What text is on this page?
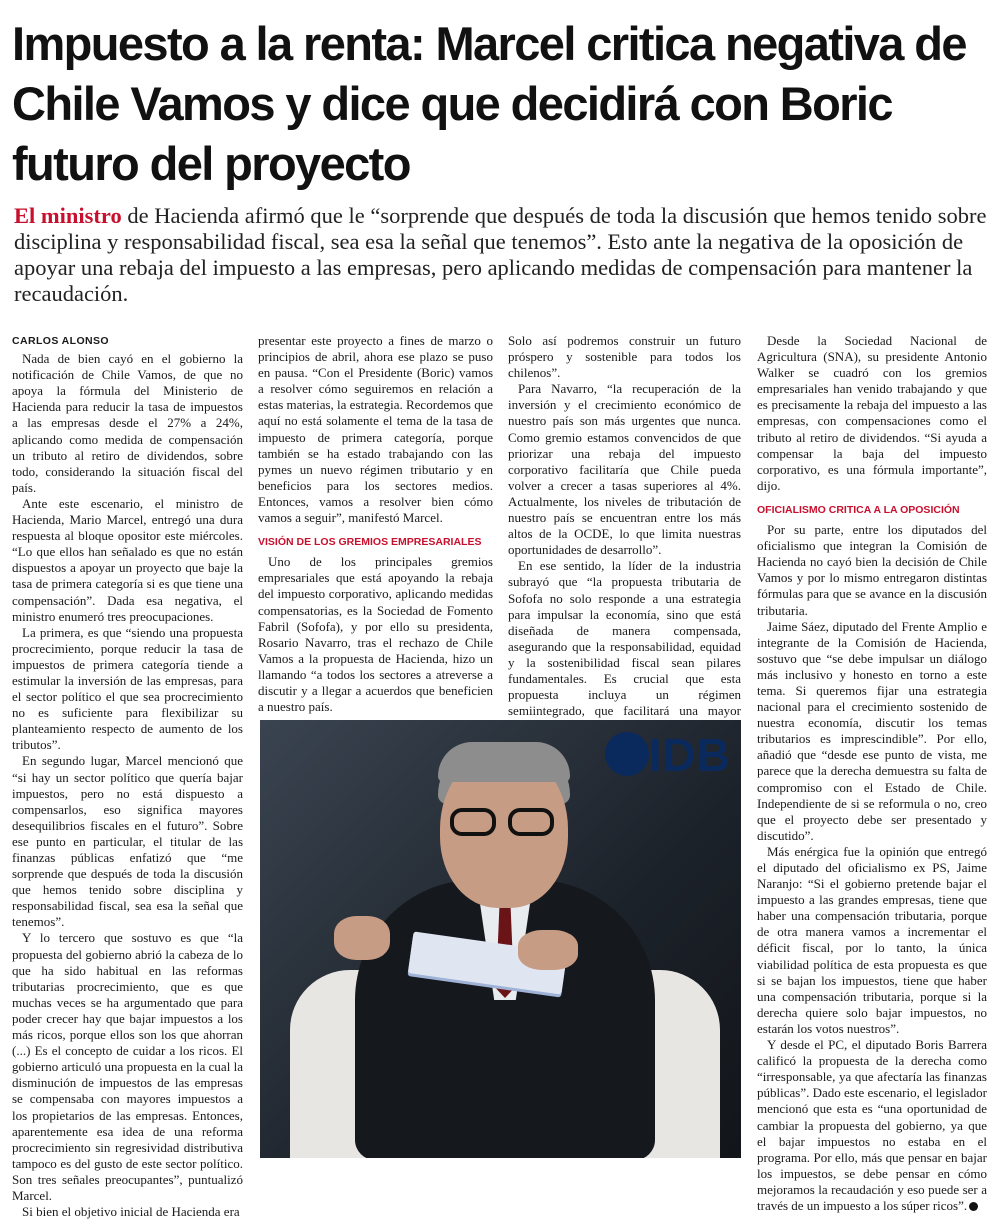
Impuesto a la renta: Marcel critica negativa de Chile Vamos y dice que decidirá con Boric futuro del proyecto

El ministro de Hacienda afirmó que le “sorprende que después de toda la discusión que hemos tenido sobre disciplina y responsabilidad fiscal, sea esa la señal que tenemos”. Esto ante la negativa de la oposición de apoyar una rebaja del impuesto a las empresas, pero aplicando medidas de compensación para mantener la recaudación.

CARLOS ALONSO

Nada de bien cayó en el gobierno la notificación de Chile Vamos, de que no apoya la fórmula del Ministerio de Hacienda para reducir la tasa de impuestos a las empresas desde el 27% a 24%, aplicando como medida de compensación un tributo al retiro de dividendos, sobre todo, considerando la situación fiscal del país.

Ante este escenario, el ministro de Hacienda, Mario Marcel, entregó una dura respuesta al bloque opositor este miércoles. “Lo que ellos han señalado es que no están dispuestos a apoyar un proyecto que baje la tasa de primera categoría si es que tiene una compensación”. Dada esa negativa, el ministro enumeró tres preocupaciones.

La primera, es que “siendo una propuesta procrecimiento, porque reducir la tasa de impuestos de primera categoría tiende a estimular la inversión de las empresas, para el sector político el que sea procrecimiento no es suficiente para flexibilizar su planteamiento respecto de aumento de los tributos”.

En segundo lugar, Marcel mencionó que “si hay un sector político que quería bajar impuestos, pero no está dispuesto a compensarlos, eso significa mayores desequilibrios fiscales en el futuro”. Sobre ese punto en particular, el titular de las finanzas públicas enfatizó que “me sorprende que después de toda la discusión que hemos tenido sobre disciplina y responsabilidad fiscal, sea esa la señal que tenemos”.

Y lo tercero que sostuvo es que “la propuesta del gobierno abrió la cabeza de lo que ha sido habitual en las reformas tributarias procrecimiento, que es que muchas veces se ha argumentado que para poder crecer hay que bajar impuestos a los más ricos, porque ellos son los que ahorran (...) Es el concepto de cuidar a los ricos. El gobierno articuló una propuesta en la cual la disminución de impuestos de las empresas se compensaba con mayores impuestos a los propietarios de las empresas. Entonces, aparentemente esa idea de una reforma procrecimiento sin regresividad distributiva tampoco es del gusto de este sector político. Son tres señales preocupantes”, puntualizó Marcel.

Si bien el objetivo inicial de Hacienda era

presentar este proyecto a fines de marzo o principios de abril, ahora ese plazo se puso en pausa. “Con el Presidente (Boric) vamos a resolver cómo seguiremos en relación a estas materias, la estrategia. Recordemos que aquí no está solamente el tema de la tasa de impuesto de primera categoría, porque también se ha estado trabajando con las pymes un nuevo régimen tributario y en beneficios para los sectores medios. Entonces, vamos a resolver bien cómo vamos a seguir”, manifestó Marcel.

VISIÓN DE LOS GREMIOS EMPRESARIALES

Uno de los principales gremios empresariales que está apoyando la rebaja del impuesto corporativo, aplicando medidas compensatorias, es la Sociedad de Fomento Fabril (Sofofa), y por ello su presidenta, Rosario Navarro, tras el rechazo de Chile Vamos a la propuesta de Hacienda, hizo un llamando “a todos los sectores a atreverse a discutir y a llegar a acuerdos que beneficien a nuestro país.

Solo así podremos construir un futuro próspero y sostenible para todos los chilenos”.

Para Navarro, “la recuperación de la inversión y el crecimiento económico de nuestro país son más urgentes que nunca. Como gremio estamos convencidos de que priorizar una rebaja del impuesto corporativo facilitaría que Chile pueda volver a crecer a tasas superiores al 4%. Actualmente, los niveles de tributación de nuestro país se encuentran entre los más altos de la OCDE, lo que limita nuestras oportunidades de desarrollo”.

En ese sentido, la líder de la industria subrayó que “la propuesta tributaria de Sofofa no solo responde a una estrategia para impulsar la economía, sino que está diseñada de manera compensada, asegurando que la responsabilidad, equidad y la sostenibilidad fiscal sean pilares fundamentales. Es crucial que esta propuesta incluya un régimen semiintegrado, que facilitará una mayor

Desde la Sociedad Nacional de Agricultura (SNA), su presidente Antonio Walker se cuadró con los gremios empresariales han venido trabajando y que es precisamente la rebaja del impuesto a las empresas, con compensaciones como el tributo al retiro de dividendos. “Si ayuda a compensar la baja del impuesto corporativo, es una fórmula importante”, dijo.

OFICIALISMO CRITICA A LA OPOSICIÓN

Por su parte, entre los diputados del oficialismo que integran la Comisión de Hacienda no cayó bien la decisión de Chile Vamos y por lo mismo entregaron distintas fórmulas para que se avance en la discusión tributaria.

Jaime Sáez, diputado del Frente Amplio e integrante de la Comisión de Hacienda, sostuvo que “se debe impulsar un diálogo más inclusivo y honesto en torno a este tema. Si queremos fijar una estrategia nacional para el crecimiento sostenido de nuestra economía, discutir los temas tributarios es imprescindible”. Por ello, añadió que “desde ese punto de vista, me parece que la derecha demuestra su falta de compromiso con el Estado de Chile. Independiente de si se reformula o no, creo que el proyecto debe ser presentado y discutido”.

Más enérgica fue la opinión que entregó el diputado del oficialismo ex PS, Jaime Naranjo: “Si el gobierno pretende bajar el impuesto a las grandes empresas, tiene que haber una compensación tributaria, porque de otra manera vamos a incrementar el déficit fiscal, por lo tanto, la única viabilidad política de esta propuesta es que si se bajan los impuestos, tiene que haber una compensación tributaria, porque si la derecha quiere solo bajar impuestos, no estarán los votos nuestros”.

Y desde el PC, el diputado Boris Barrera calificó la propuesta de la derecha como “irresponsable, ya que afectaría las finanzas públicas”. Dado este escenario, el legislador mencionó que esta es “una oportunidad de cambiar la propuesta del gobierno, ya que el bajar impuestos no estaba en el programa. Por ello, más que pensar en bajar los impuestos, se debe pensar en cómo mejoramos la recaudación y eso puede ser a través de un impuesto a los súper ricos”.

IDB
